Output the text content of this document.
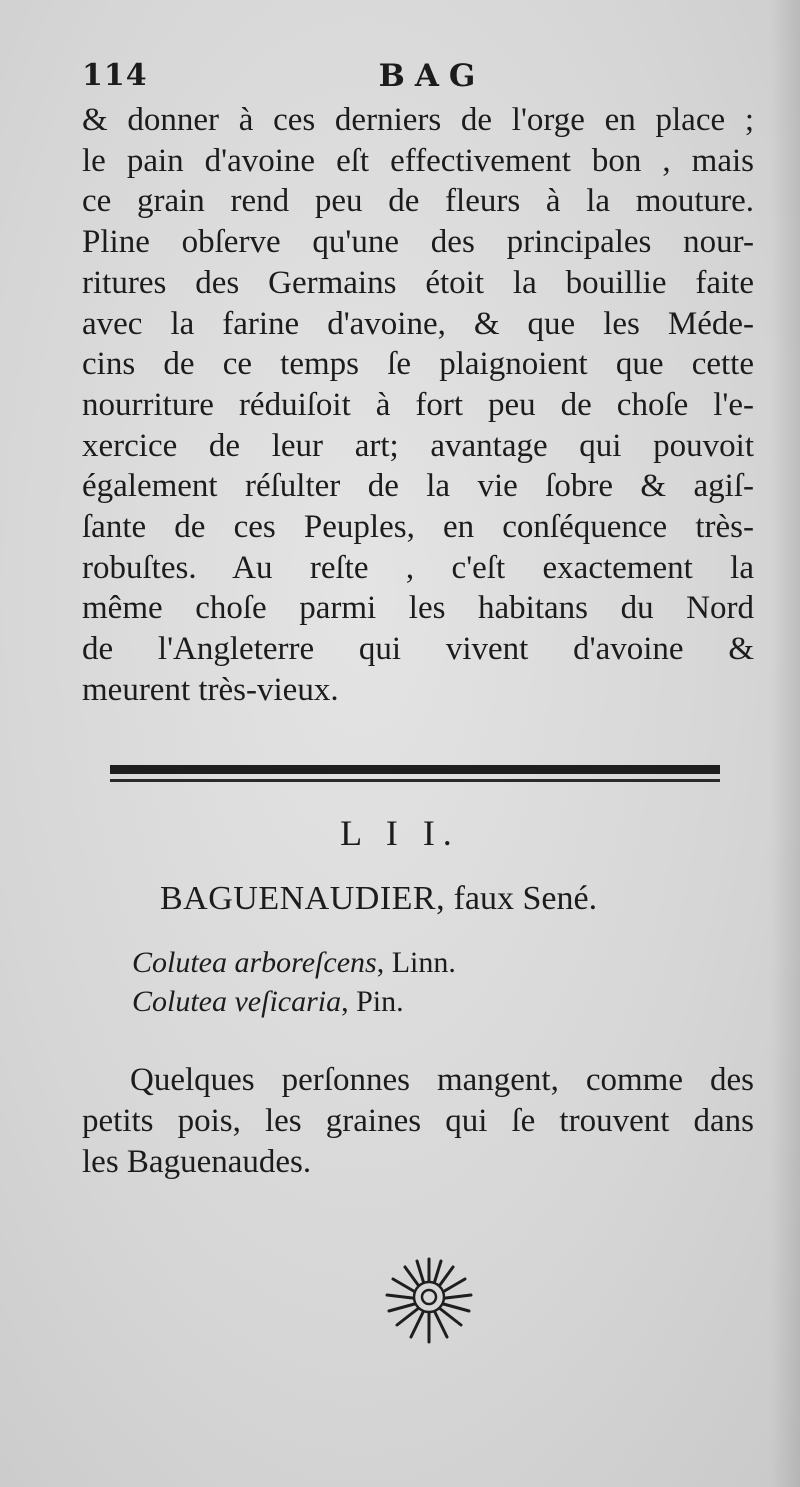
114	BAG
& donner à ces derniers de l'orge en place ;
le pain d'avoine eſt effectivement bon , mais
ce grain rend peu de fleurs à la mouture.
Pline obſerve qu'une des principales nour-
ritures des Germains étoit la bouillie faite
avec la farine d'avoine, & que les Méde-
cins de ce temps ſe plaignoient que cette
nourriture réduiſoit à fort peu de choſe l'e-
xercice de leur art; avantage qui pouvoit
également réſulter de la vie ſobre & agiſ-
ſante de ces Peuples, en conſéquence très-
robuſtes. Au reſte , c'eſt exactement la
même choſe parmi les habitans du Nord
de l'Angleterre qui vivent d'avoine &
meurent très-vieux.
L I I.
BAGUENAUDIER, faux Sené.
Colutea arboreſcens, Linn.
Colutea veſicaria, Pin.
Quelques perſonnes mangent, comme des
petits pois, les graines qui ſe trouvent dans
les Baguenaudes.
